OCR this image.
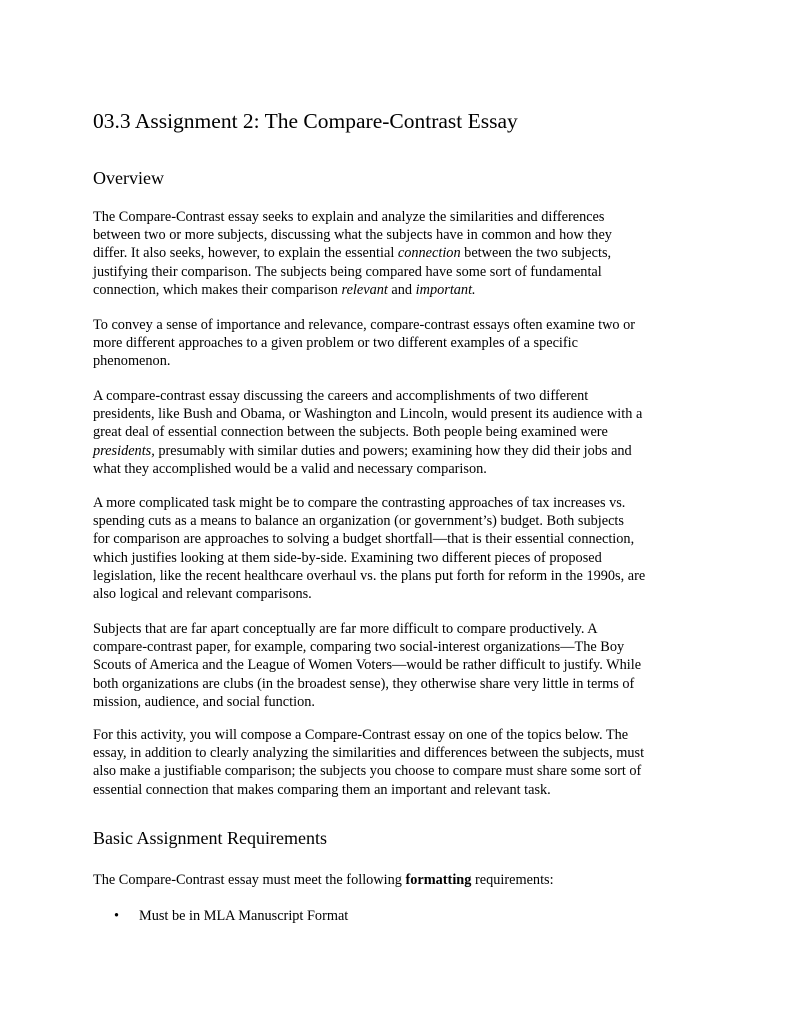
03.3 Assignment 2: The Compare-Contrast Essay
Overview

The Compare-Contrast essay seeks to explain and analyze the similarities and differences
between two or more subjects, discussing what the subjects have in common and how they
differ. It also seeks, however, to explain the essential connection between the two subjects,
justifying their comparison. The subjects being compared have some sort of fundamental
connection, which makes their comparison relevant and important.

To convey a sense of importance and relevance, compare-contrast essays often examine two or
more different approaches to a given problem or two different examples of a specific
phenomenon.

A compare-contrast essay discussing the careers and accomplishments of two different
presidents, like Bush and Obama, or Washington and Lincoln, would present its audience with a
great deal of essential connection between the subjects. Both people being examined were
presidents, presumably with similar duties and powers; examining how they did their jobs and
what they accomplished would be a valid and necessary comparison.

A more complicated task might be to compare the contrasting approaches of tax increases vs.
spending cuts as a means to balance an organization (or government’s) budget. Both subjects
for comparison are approaches to solving a budget shortfall—that is their essential connection,
which justifies looking at them side-by-side. Examining two different pieces of proposed
legislation, like the recent healthcare overhaul vs. the plans put forth for reform in the 1990s, are
also logical and relevant comparisons.

Subjects that are far apart conceptually are far more difficult to compare productively. A
compare-contrast paper, for example, comparing two social-interest organizations—The Boy
Scouts of America and the League of Women Voters—would be rather difficult to justify. While
both organizations are clubs (in the broadest sense), they otherwise share very little in terms of
mission, audience, and social function.

For this activity, you will compose a Compare-Contrast essay on one of the topics below. The
essay, in addition to clearly analyzing the similarities and differences between the subjects, must
also make a justifiable comparison; the subjects you choose to compare must share some sort of
essential connection that makes comparing them an important and relevant task.

Basic Assignment Requirements

The Compare-Contrast essay must meet the following formatting requirements:

• Must be in MLA Manuscript Format
